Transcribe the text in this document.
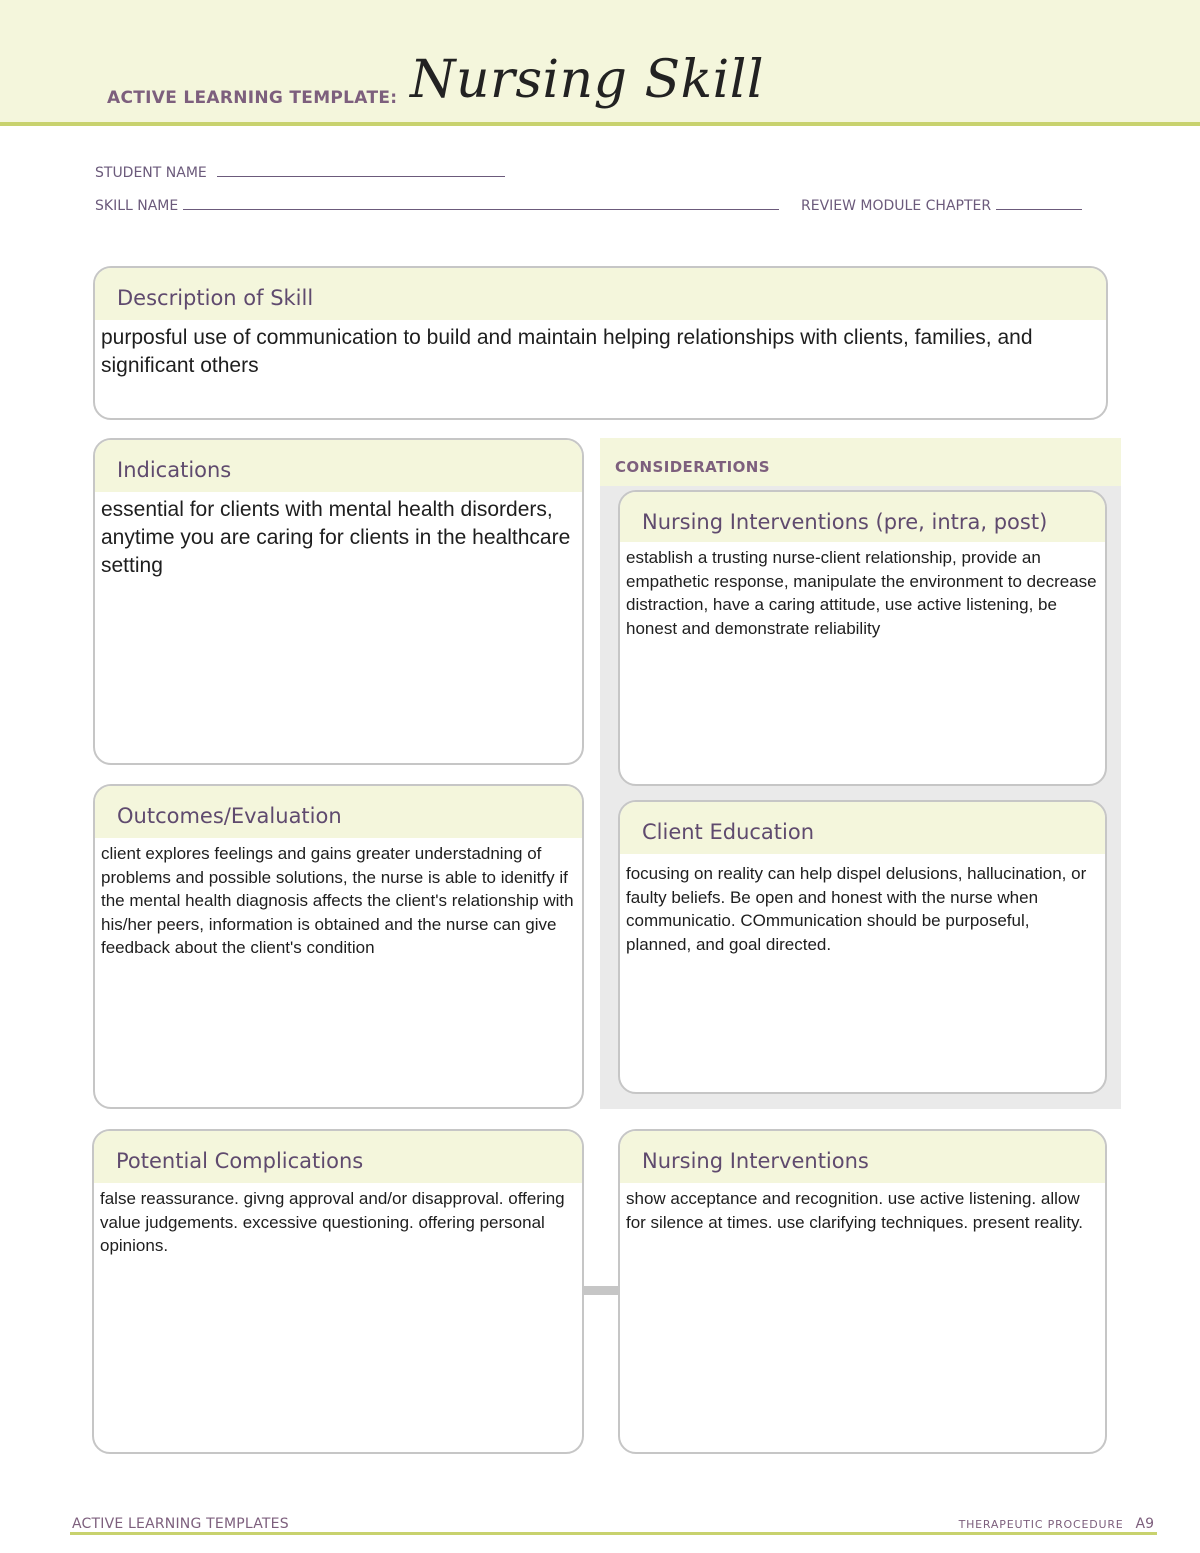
ACTIVE LEARNING TEMPLATE: Nursing Skill
STUDENT NAME
SKILL NAME	REVIEW MODULE CHAPTER
Description of Skill
purposful use of communication to build and maintain helping relationships with clients, families, and significant others
Indications
essential for clients with mental health disorders, anytime you are caring for clients in the healthcare setting
CONSIDERATIONS
Nursing Interventions (pre, intra, post)
establish a trusting nurse-client relationship, provide an empathetic response, manipulate the environment to decrease distraction, have a caring attitude, use active listening, be honest and demonstrate reliability
Client Education
focusing on reality can help dispel delusions, hallucination, or faulty beliefs. Be open and honest with the nurse when communicatio. COmmunication should be purposeful, planned, and goal directed.
Outcomes/Evaluation
client explores feelings and gains greater understadning of problems and possible solutions, the nurse is able to idenitfy if the mental health diagnosis affects the client's relationship with his/her peers, information is obtained and the nurse can give feedback about the client's condition
Potential Complications
false reassurance. givng approval and/or disapproval. offering value judgements. excessive questioning. offering personal opinions.
Nursing Interventions
show acceptance and recognition. use active listening. allow for silence at times. use clarifying techniques. present reality.
ACTIVE LEARNING TEMPLATES	THERAPEUTIC PROCEDURE A9
